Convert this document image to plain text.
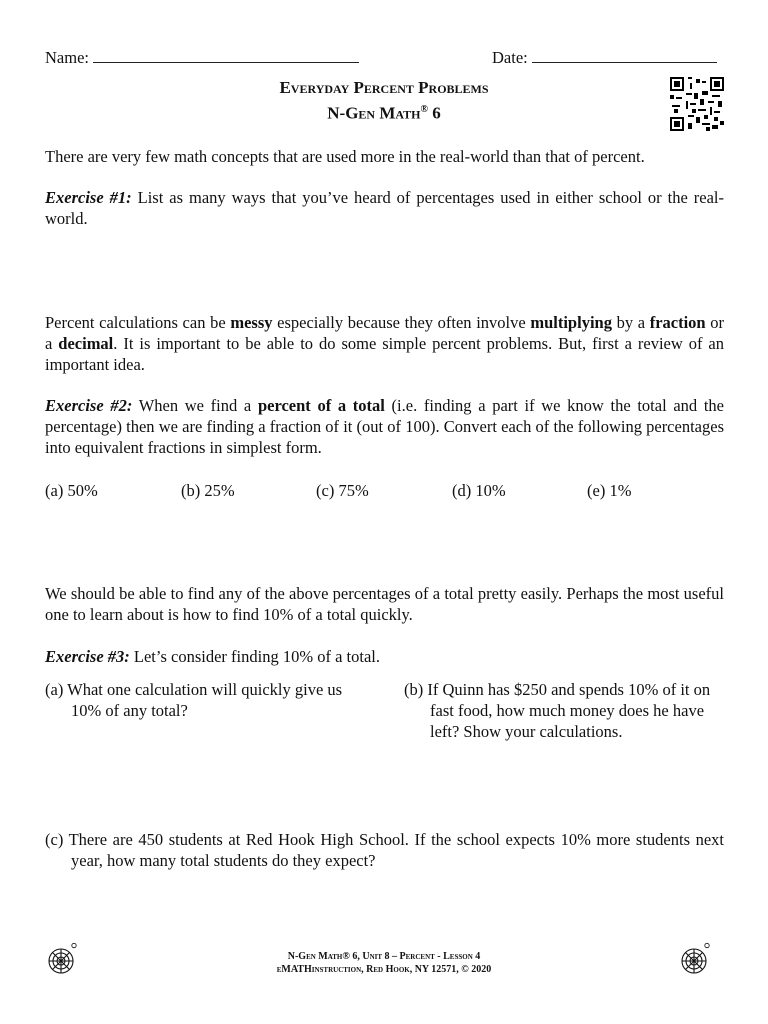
Name:	Date:
Everyday Percent Problems
N-Gen Math® 6
There are very few math concepts that are used more in the real-world than that of percent.
Exercise #1: List as many ways that you’ve heard of percentages used in either school or the real-world.
Percent calculations can be messy especially because they often involve multiplying by a fraction or a decimal. It is important to be able to do some simple percent problems. But, first a review of an important idea.
Exercise #2: When we find a percent of a total (i.e. finding a part if we know the total and the percentage) then we are finding a fraction of it (out of 100). Convert each of the following percentages into equivalent fractions in simplest form.
(a) 50%	(b) 25%	(c) 75%	(d) 10%	(e) 1%
We should be able to find any of the above percentages of a total pretty easily. Perhaps the most useful one to learn about is how to find 10% of a total quickly.
Exercise #3: Let’s consider finding 10% of a total.
(a) What one calculation will quickly give us 10% of any total?
(b) If Quinn has $250 and spends 10% of it on fast food, how much money does he have left? Show your calculations.
(c) There are 450 students at Red Hook High School. If the school expects 10% more students next year, how many total students do they expect?
N-Gen Math® 6, Unit 8 – Percent - Lesson 4
eMATHinstruction, Red Hook, NY 12571, © 2020
